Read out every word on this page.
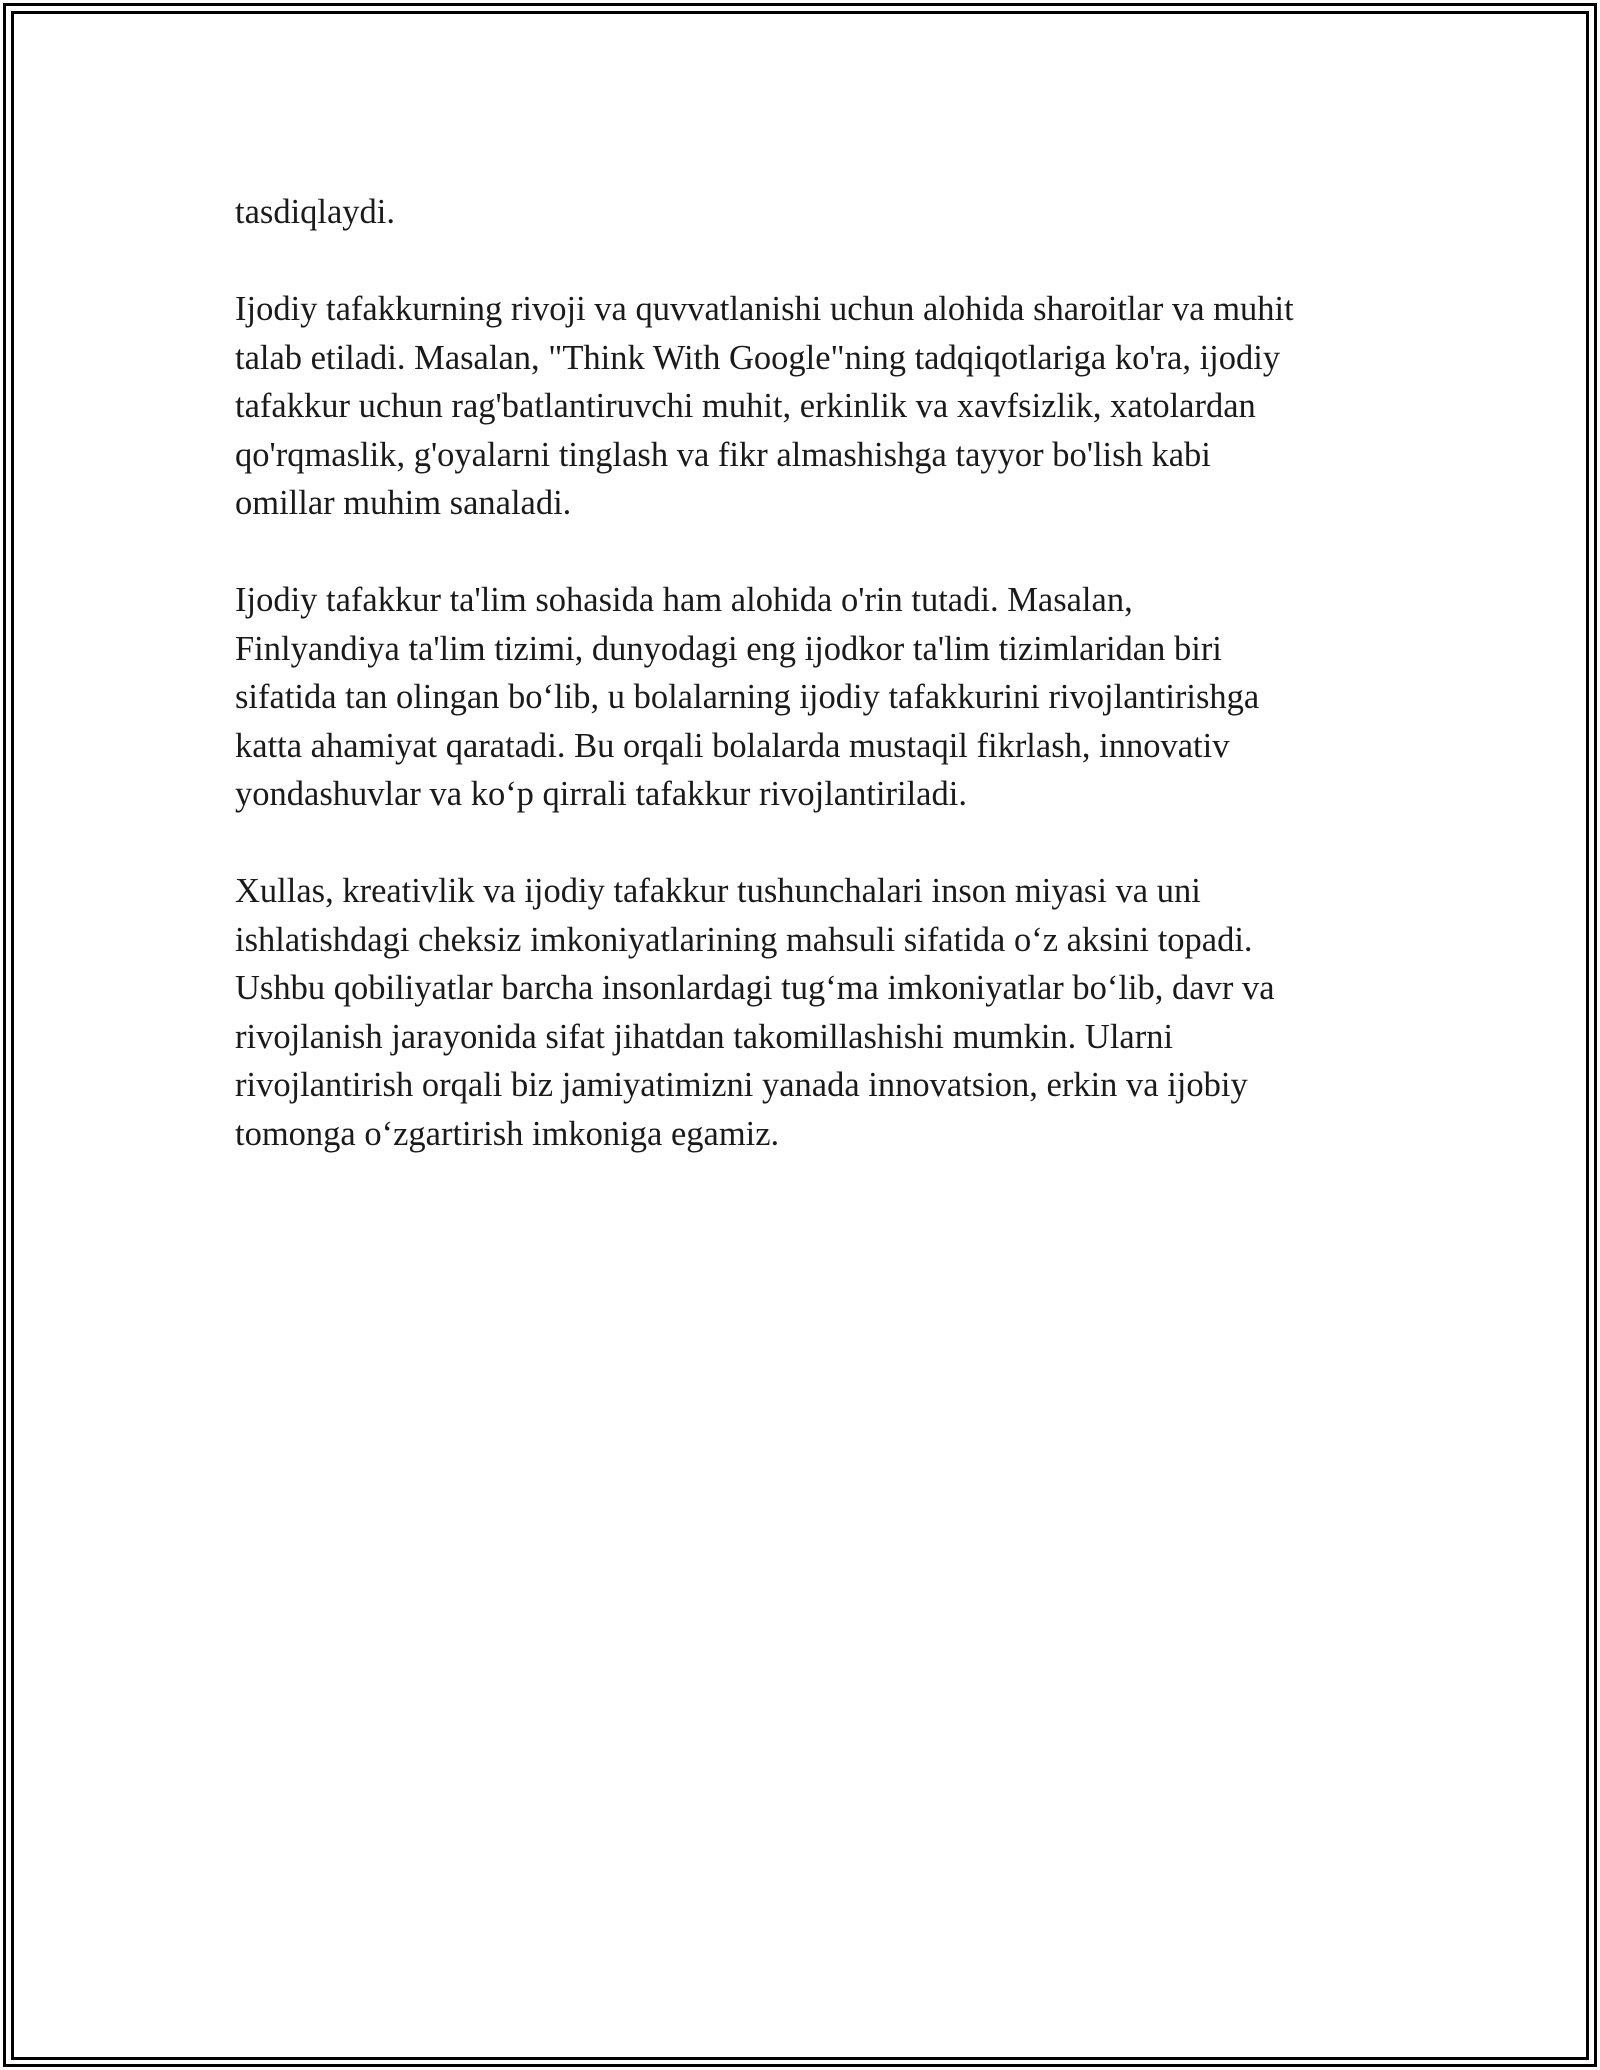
tasdiqlaydi.

Ijodiy tafakkurning rivoji va quvvatlanishi uchun alohida sharoitlar va muhit
talab etiladi. Masalan, "Think With Google"ning tadqiqotlariga ko'ra, ijodiy
tafakkur uchun rag'batlantiruvchi muhit, erkinlik va xavfsizlik, xatolardan
qo'rqmaslik, g'oyalarni tinglash va fikr almashishga tayyor bo'lish kabi
omillar muhim sanaladi.

Ijodiy tafakkur ta'lim sohasida ham alohida o'rin tutadi. Masalan,
Finlyandiya ta'lim tizimi, dunyodagi eng ijodkor ta'lim tizimlaridan biri
sifatida tan olingan bo‘lib, u bolalarning ijodiy tafakkurini rivojlantirishga
katta ahamiyat qaratadi. Bu orqali bolalarda mustaqil fikrlash, innovativ
yondashuvlar va ko‘p qirrali tafakkur rivojlantiriladi.

Xullas, kreativlik va ijodiy tafakkur tushunchalari inson miyasi va uni
ishlatishdagi cheksiz imkoniyatlarining mahsuli sifatida o‘z aksini topadi.
Ushbu qobiliyatlar barcha insonlardagi tug‘ma imkoniyatlar bo‘lib, davr va
rivojlanish jarayonida sifat jihatdan takomillashishi mumkin. Ularni
rivojlantirish orqali biz jamiyatimizni yanada innovatsion, erkin va ijobiy
tomonga o‘zgartirish imkoniga egamiz.
